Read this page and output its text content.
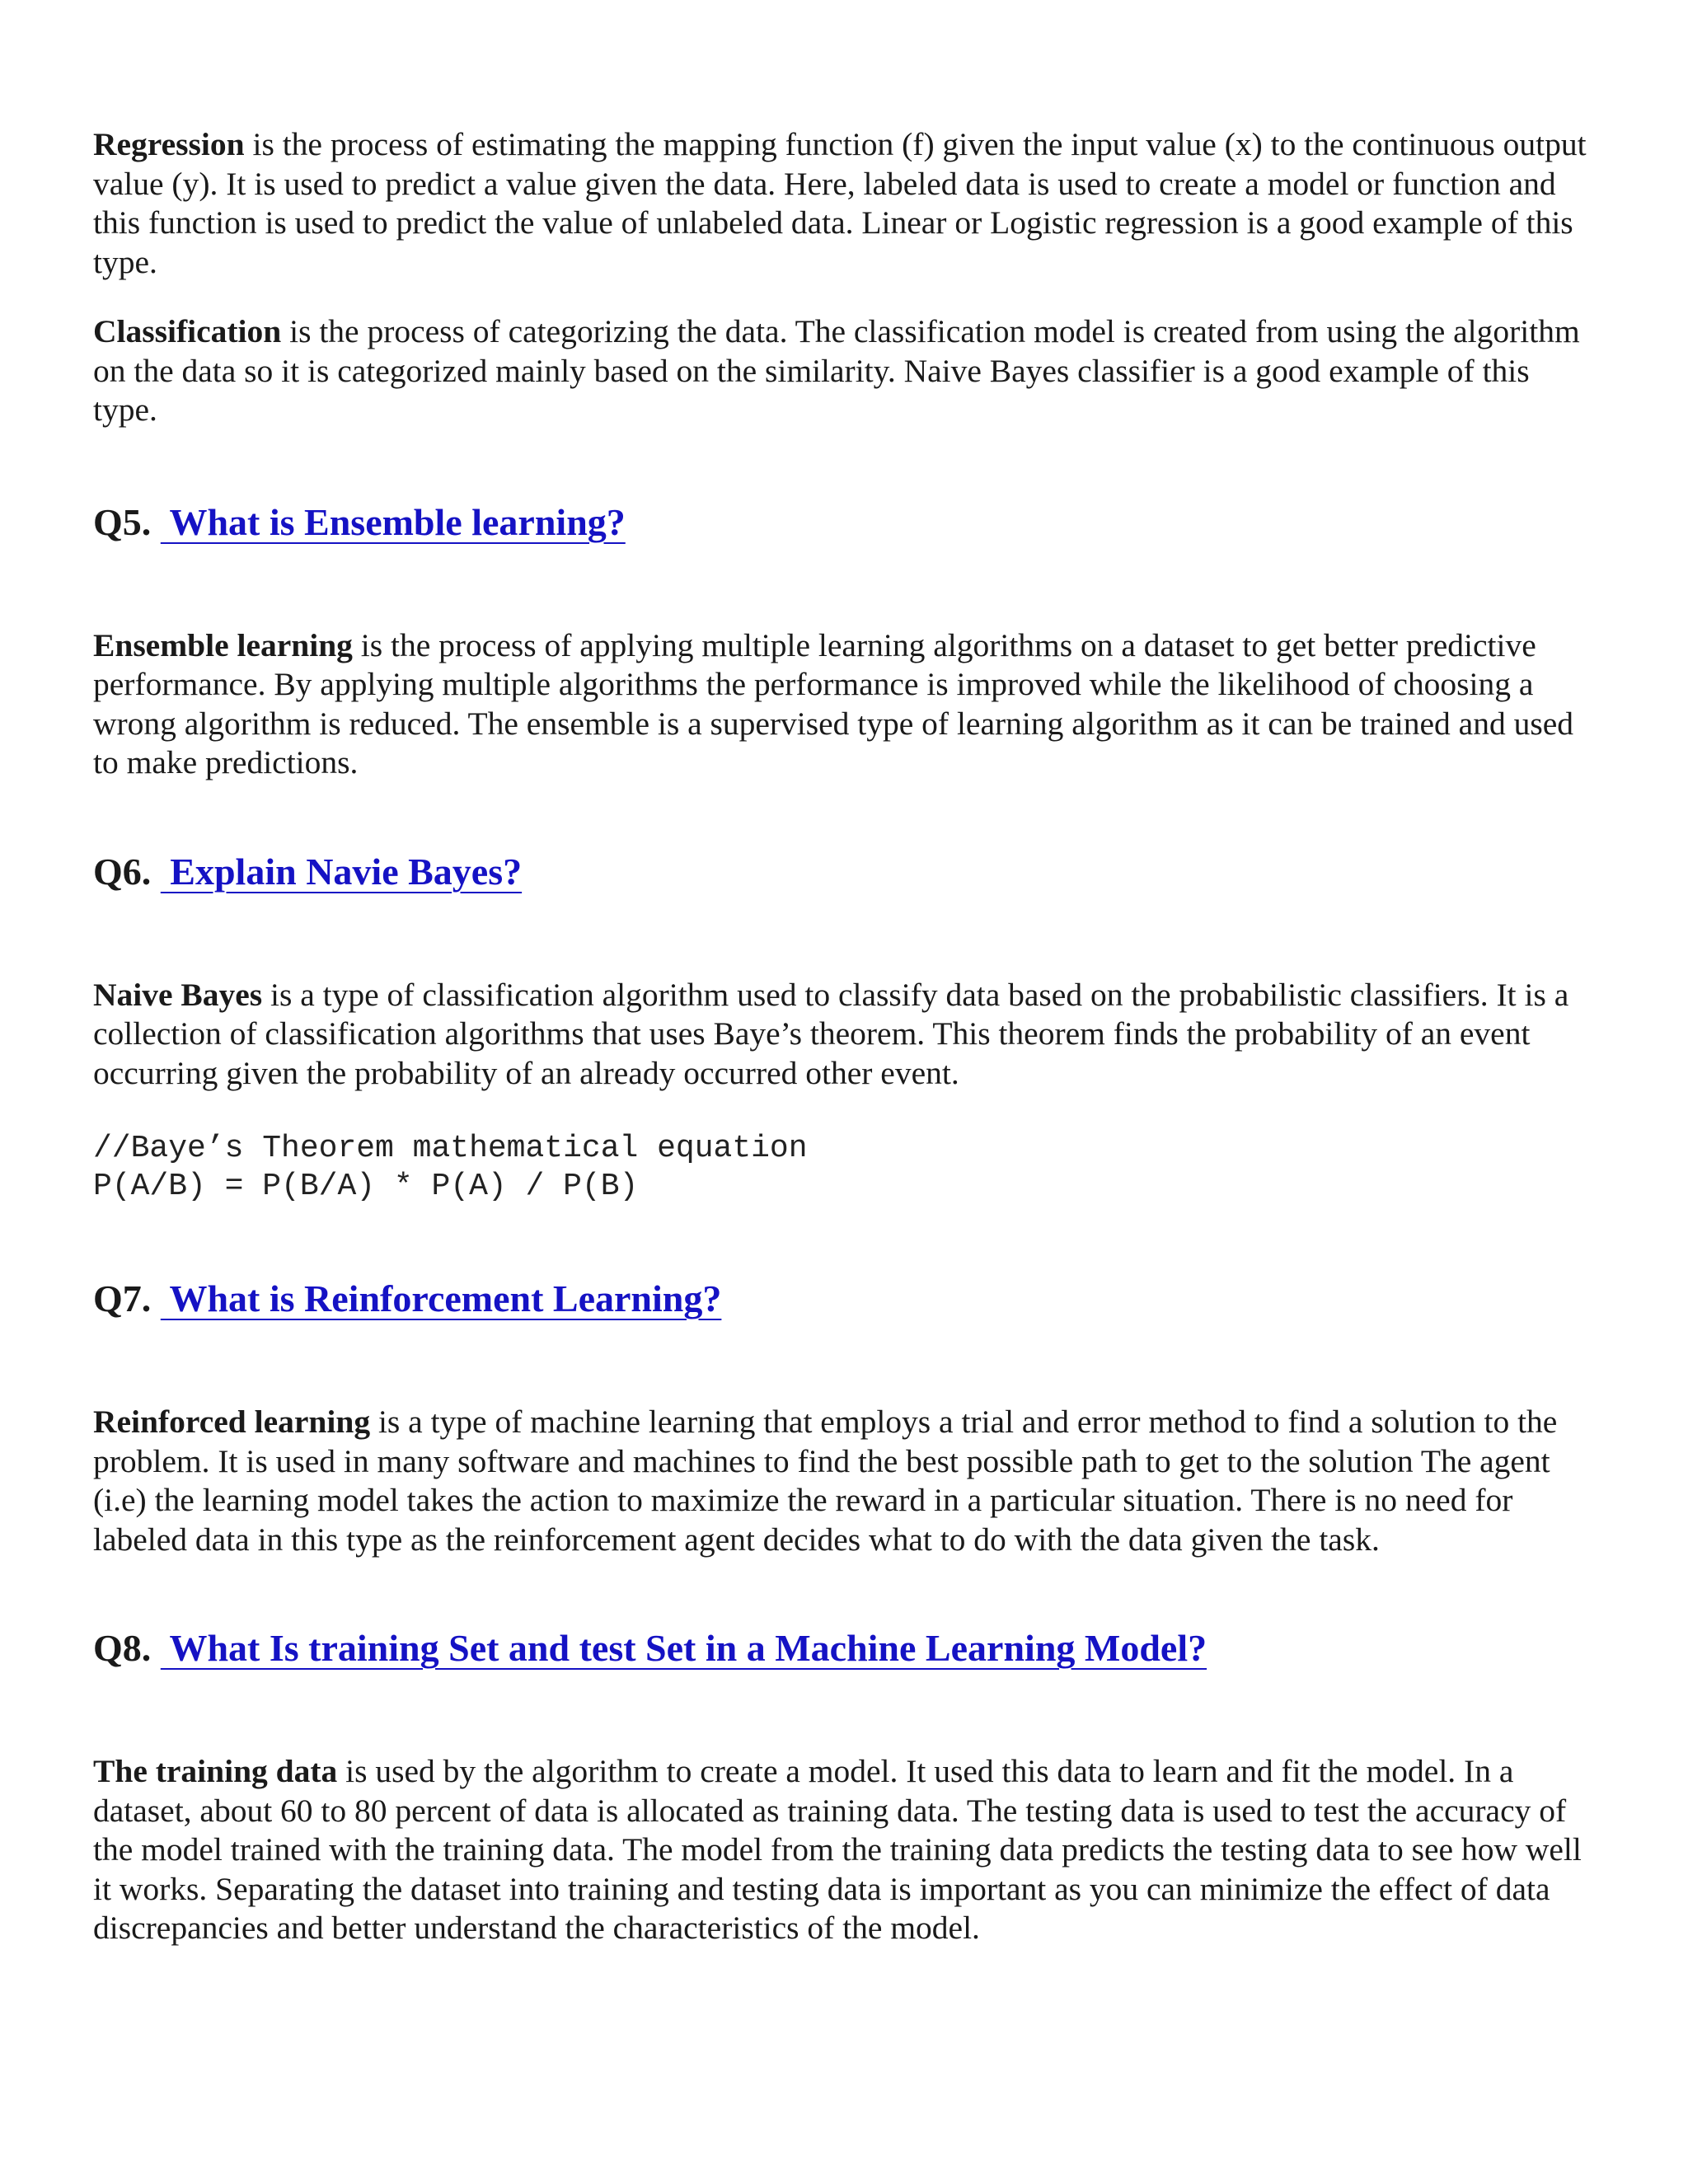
Regression is the process of estimating the mapping function (f) given the input value (x) to the continuous output value (y). It is used to predict a value given the data. Here, labeled data is used to create a model or function and this function is used to predict the value of unlabeled data. Linear or Logistic regression is a good example of this type.

Classification is the process of categorizing the data. The classification model is created from using the algorithm on the data so it is categorized mainly based on the similarity. Naive Bayes classifier is a good example of this type.

Q5.  What is Ensemble learning?

Ensemble learning is the process of applying multiple learning algorithms on a dataset to get better predictive performance. By applying multiple algorithms the performance is improved while the likelihood of choosing a wrong algorithm is reduced. The ensemble is a supervised type of learning algorithm as it can be trained and used to make predictions.

Q6.  Explain Navie Bayes?

Naive Bayes is a type of classification algorithm used to classify data based on the probabilistic classifiers. It is a collection of classification algorithms that uses Baye’s theorem. This theorem finds the probability of an event occurring given the probability of an already occurred other event.

//Baye’s Theorem mathematical equation
P(A/B) = P(B/A) * P(A) / P(B)
Q7.  What is Reinforcement Learning?

Reinforced learning is a type of machine learning that employs a trial and error method to find a solution to the problem. It is used in many software and machines to find the best possible path to get to the solution The agent (i.e) the learning model takes the action to maximize the reward in a particular situation. There is no need for labeled data in this type as the reinforcement agent decides what to do with the data given the task.

Q8.  What Is training Set and test Set in a Machine Learning Model?

The training data is used by the algorithm to create a model. It used this data to learn and fit the model. In a dataset, about 60 to 80 percent of data is allocated as training data. The testing data is used to test the accuracy of the model trained with the training data. The model from the training data predicts the testing data to see how well it works. Separating the dataset into training and testing data is important as you can minimize the effect of data discrepancies and better understand the characteristics of the model.
